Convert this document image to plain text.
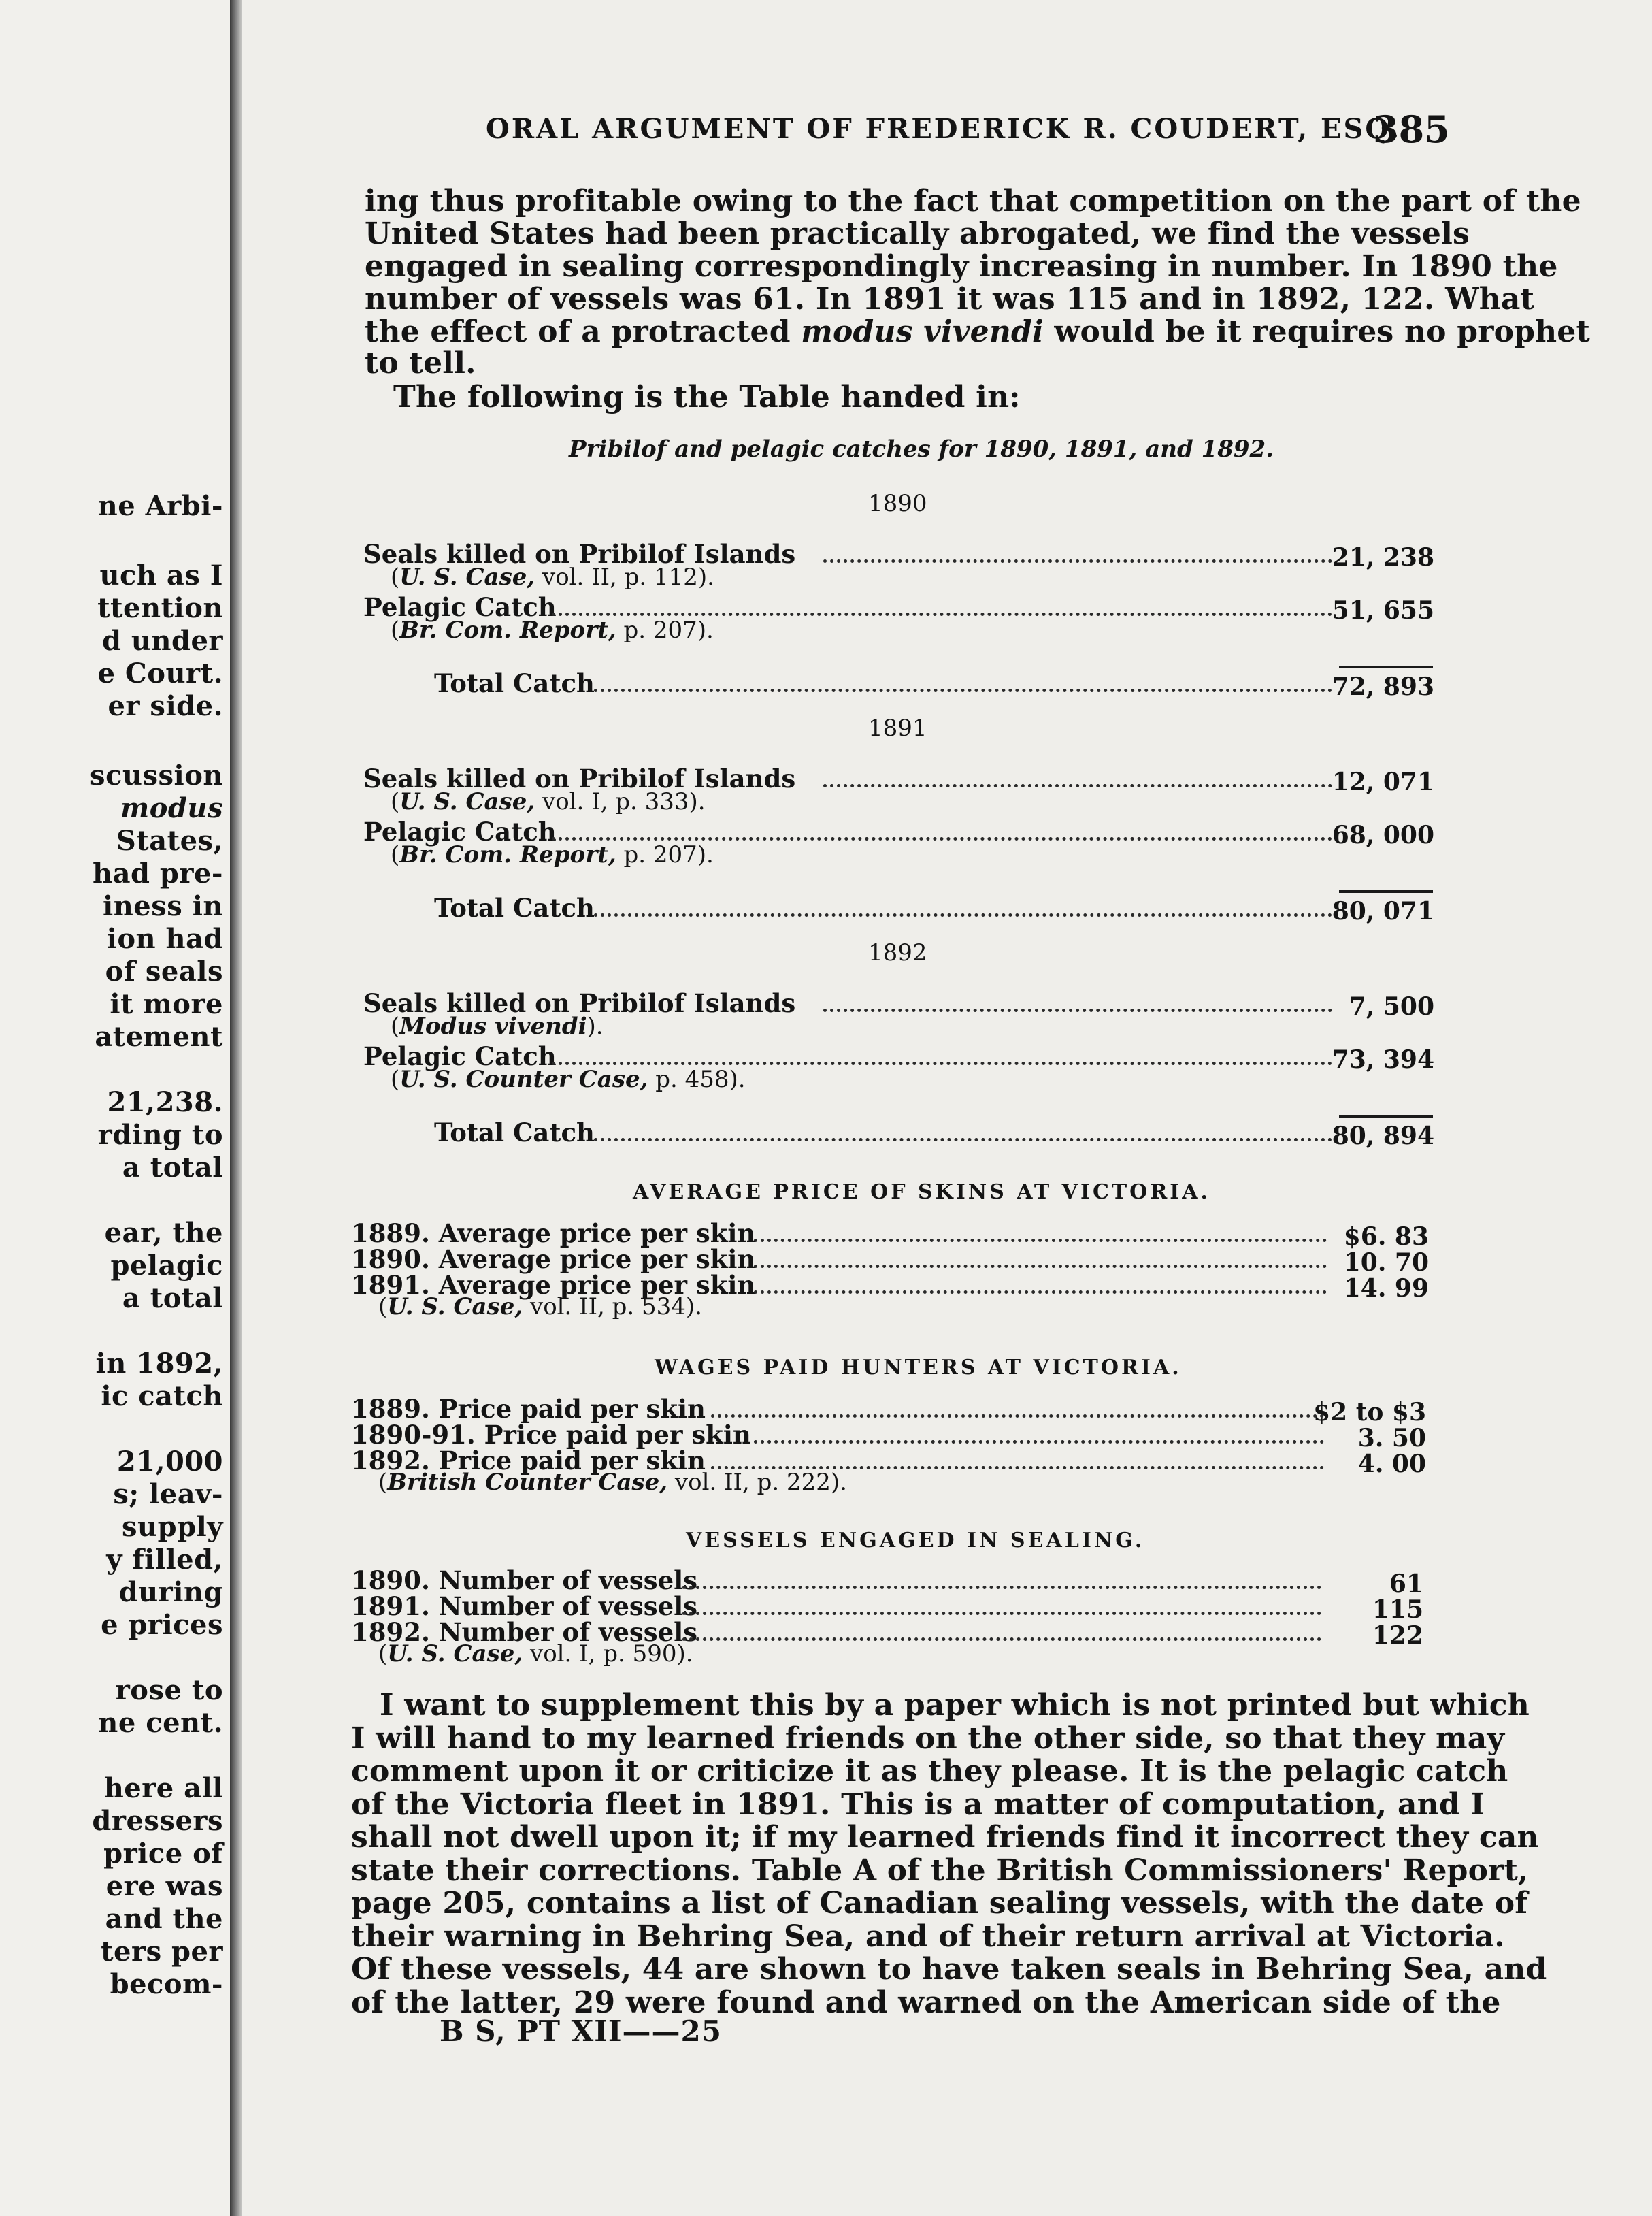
ne Arbi-
uch as I
ttention
d under
e Court.
er side.
scussion
modus
States,
had pre-
iness in
ion had
of seals
it more
atement
21,238.
rding to
a total
ear, the
pelagic
a total
in 1892,
ic catch
21,000
s; leav-
supply
y filled,
during
e prices
rose to
ne cent.
here all
dressers
price of
ere was
and the
ters per
becom-
ORAL ARGUMENT OF FREDERICK R. COUDERT, ESQ.
385
ing thus profitable owing to the fact that competition on the part of the
United States had been practically abrogated, we find the vessels
engaged in sealing correspondingly increasing in number. In 1890 the
number of vessels was 61. In 1891 it was 115 and in 1892, 122. What
the effect of a protracted modus vivendi would be it requires no prophet
to tell.
The following is the Table handed in:
Pribilof and pelagic catches for 1890, 1891, and 1892.
1890
Seals killed on Pribilof Islands	21, 238
(U. S. Case, vol. II, p. 112).
Pelagic Catch	51, 655
(Br. Com. Report, p. 207).
Total Catch	72, 893
1891
Seals killed on Pribilof Islands	12, 071
(U. S. Case, vol. I, p. 333).
Pelagic Catch	68, 000
(Br. Com. Report, p. 207).
Total Catch	80, 071
1892
Seals killed on Pribilof Islands	7, 500
(Modus vivendi).
Pelagic Catch	73, 394
(U. S. Counter Case, p. 458).
Total Catch	80, 894
AVERAGE PRICE OF SKINS AT VICTORIA.
1889. Average price per skin	$6. 83
1890. Average price per skin	10. 70
1891. Average price per skin	14. 99
(U. S. Case, vol. II, p. 534).
WAGES PAID HUNTERS AT VICTORIA.
1889. Price paid per skin	$2 to $3
1890-91. Price paid per skin	3. 50
1892. Price paid per skin	4. 00
(British Counter Case, vol. II, p. 222).
VESSELS ENGAGED IN SEALING.
1890. Number of vessels	61
1891. Number of vessels	115
1892. Number of vessels	122
(U. S. Case, vol. I, p. 590).
I want to supplement this by a paper which is not printed but which
I will hand to my learned friends on the other side, so that they may
comment upon it or criticize it as they please. It is the pelagic catch
of the Victoria fleet in 1891. This is a matter of computation, and I
shall not dwell upon it; if my learned friends find it incorrect they can
state their corrections. Table A of the British Commissioners' Report,
page 205, contains a list of Canadian sealing vessels, with the date of
their warning in Behring Sea, and of their return arrival at Victoria.
Of these vessels, 44 are shown to have taken seals in Behring Sea, and
of the latter, 29 were found and warned on the American side of the
B S, PT XII——25
